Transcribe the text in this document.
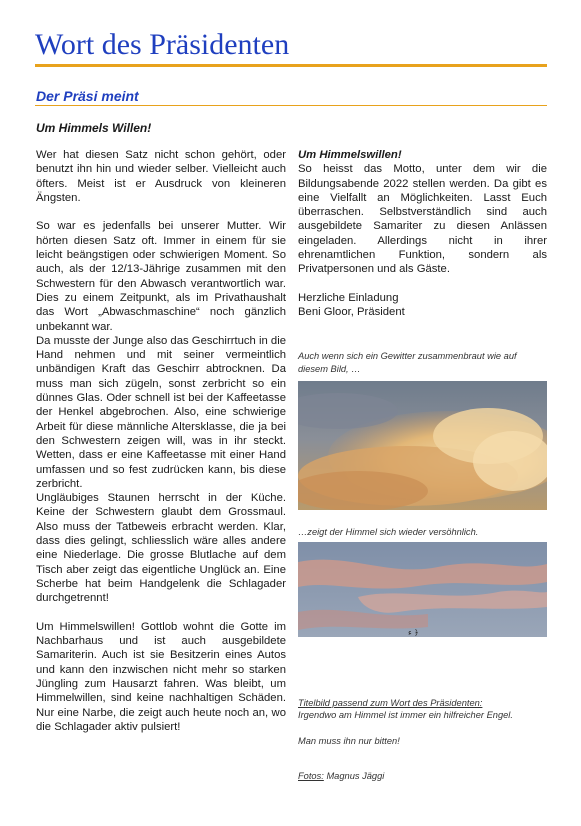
Wort des Präsidenten
Der Präsi meint
Um Himmels Willen!

Wer hat diesen Satz nicht schon gehört, oder benutzt ihn hin und wieder selber. Vielleicht auch öfters. Meist ist er Ausdruck von kleineren Ängsten.

So war es jedenfalls bei unserer Mutter. Wir hörten diesen Satz oft. Immer in einem für sie leicht beängstigen oder schwierigen Moment. So auch, als der 12/13-Jährige zusammen mit den Schwestern für den Abwasch verantwortlich war. Dies zu einem Zeitpunkt, als im Privathaushalt das Wort „Abwaschmaschine“ noch gänzlich unbekannt war.

Da musste der Junge also das Geschirrtuch in die Hand nehmen und mit seiner vermeintlich unbändigen Kraft das Geschirr abtrocknen. Da muss man sich zügeln, sonst zerbricht so ein dünnes Glas. Oder schnell ist bei der Kaffeetasse der Henkel abgebrochen. Also, eine schwierige Arbeit für diese männliche Altersklasse, die ja bei den Schwestern zeigen will, was in ihr steckt. Wetten, dass er eine Kaffeetasse mit einer Hand umfassen und so fest zudrücken kann, bis diese zerbricht.

Ungläubiges Staunen herrscht in der Küche. Keine der Schwestern glaubt dem Grossmaul. Also muss der Tatbeweis erbracht werden. Klar, dass dies gelingt, schliesslich wäre alles andere eine Niederlage. Die grosse Blutlache auf dem Tisch aber zeigt das eigentliche Unglück an. Eine Scherbe hat beim Handgelenk die Schlagader durchgetrennt!

Um Himmelswillen! Gottlob wohnt die Gotte im Nachbarhaus und ist auch ausgebildete Samariterin. Auch ist sie Besitzerin eines Autos und kann den inzwischen nicht mehr so starken Jüngling zum Hausarzt fahren. Was bleibt, um Himmelwillen, sind keine nachhaltigen Schäden. Nur eine Narbe, die zeigt auch heute noch an, wo die Schlagader aktiv pulsiert!

Um Himmelswillen!

So heisst das Motto, unter dem wir die Bildungsabende 2022 stellen werden. Da gibt es eine Vielfallt an Möglichkeiten. Lasst Euch überraschen. Selbstverständlich sind auch ausgebildete Samariter zu diesen Anlässen eingeladen. Allerdings nicht in ihrer ehrenamtlichen Funktion, sondern als Privatpersonen und als Gäste.

Herzliche Einladung

Beni Gloor, Präsident

Auch wenn sich ein Gewitter zusammenbraut wie auf diesem Bild, …
…zeigt der Himmel sich wieder versöhnlich.
ء ﴿
Titelbild passend zum Wort des Präsidenten:
Irgendwo am Himmel ist immer ein hilfreicher Engel.
Man muss ihn nur bitten!
Fotos: Magnus Jäggi
